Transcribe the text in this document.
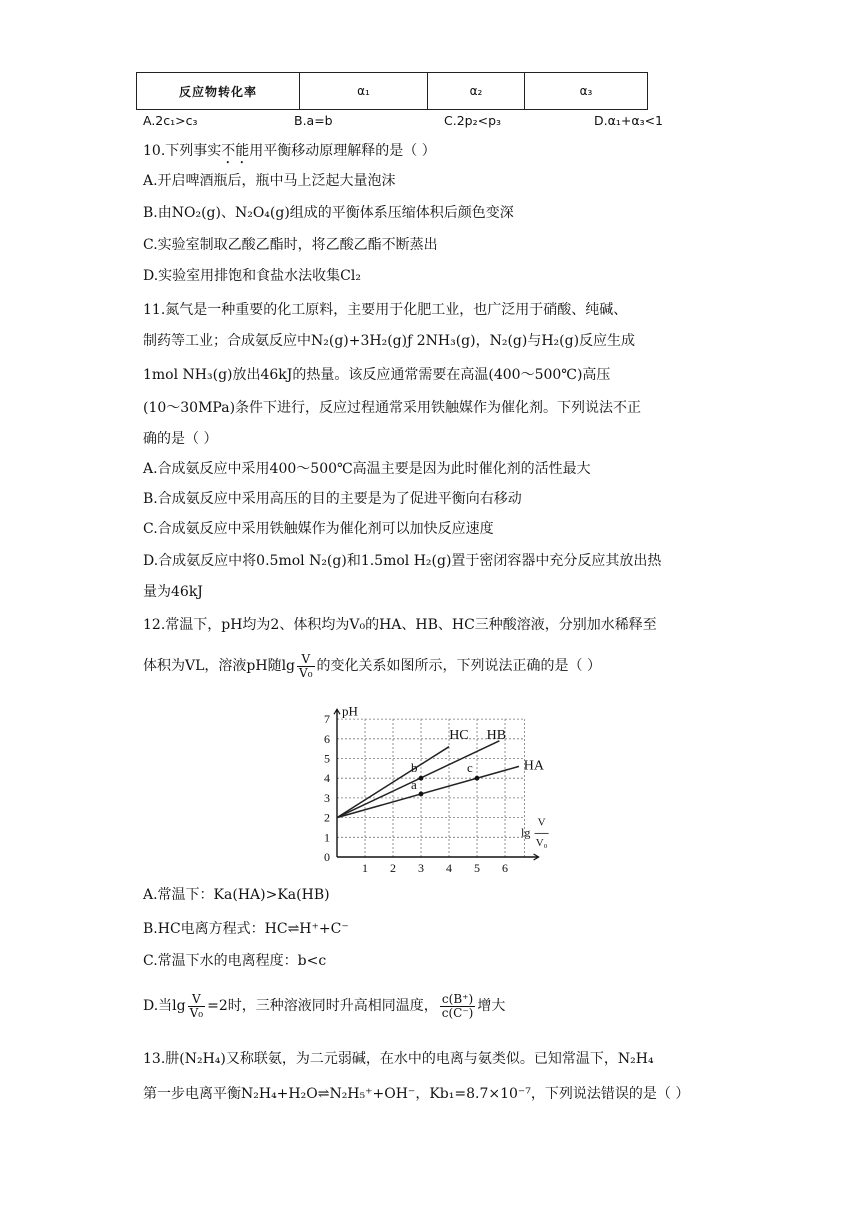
反应物转化率	α₁	α₂	α₃
A.2c₁>c₃	B.a=b	C.2p₂<p₃	D.α₁+α₃<1
10.下列事实不能用平衡移动原理解释的是（ ）
A.开启啤酒瓶后，瓶中马上泛起大量泡沫
B.由NO₂(g)、N₂O₄(g)组成的平衡体系压缩体积后颜色变深
C.实验室制取乙酸乙酯时，将乙酸乙酯不断蒸出
D.实验室用排饱和食盐水法收集Cl₂
11.氮气是一种重要的化工原料，主要用于化肥工业，也广泛用于硝酸、纯碱、
制药等工业；合成氨反应中N₂(g)+3H₂(g)ƒ 2NH₃(g)，N₂(g)与H₂(g)反应生成
1mol NH₃(g)放出46kJ的热量。该反应通常需要在高温(400～500℃)高压
(10～30MPa)条件下进行，反应过程通常采用铁触媒作为催化剂。下列说法不正
确的是（ ）
A.合成氨反应中采用400～500℃高温主要是因为此时催化剂的活性最大
B.合成氨反应中采用高压的目的主要是为了促进平衡向右移动
C.合成氨反应中采用铁触媒作为催化剂可以加快反应速度
D.合成氨反应中将0.5mol N₂(g)和1.5mol H₂(g)置于密闭容器中充分反应其放出热
量为46kJ
12.常温下，pH均为2、体积均为V₀的HA、HB、HC三种酸溶液，分别加水稀释至
体积为VL，溶液pH随$\lg \frac{V}{\text{V₀}}$ 的变化关系如图所示，下列说法正确的是（ ）
HC HB
HA
a
b	c
1 2 3 4 5 6
0
1
2
3
4
5
6
7
pH
lg
V
V₀
A.常温下：Ka(HA)>Ka(HB)
B.HC电离方程式：HC⇌H⁺+C⁻
C.常温下水的电离程度：b<c
D.当$\lg \frac{V}{\text{V₀}} =2$时，三种溶液同时升高相同温度， $\frac{c(B^+)}{c(C^-)}$ 增大
13.肼(N₂H₄)又称联氨，为二元弱碱，在水中的电离与氨类似。已知常温下，N₂H₄
第一步电离平衡N₂H₄+H₂O⇌N₂H₅⁺+OH⁻，Kb₁=8.7×10⁻⁷，下列说法错误的是（ ）
